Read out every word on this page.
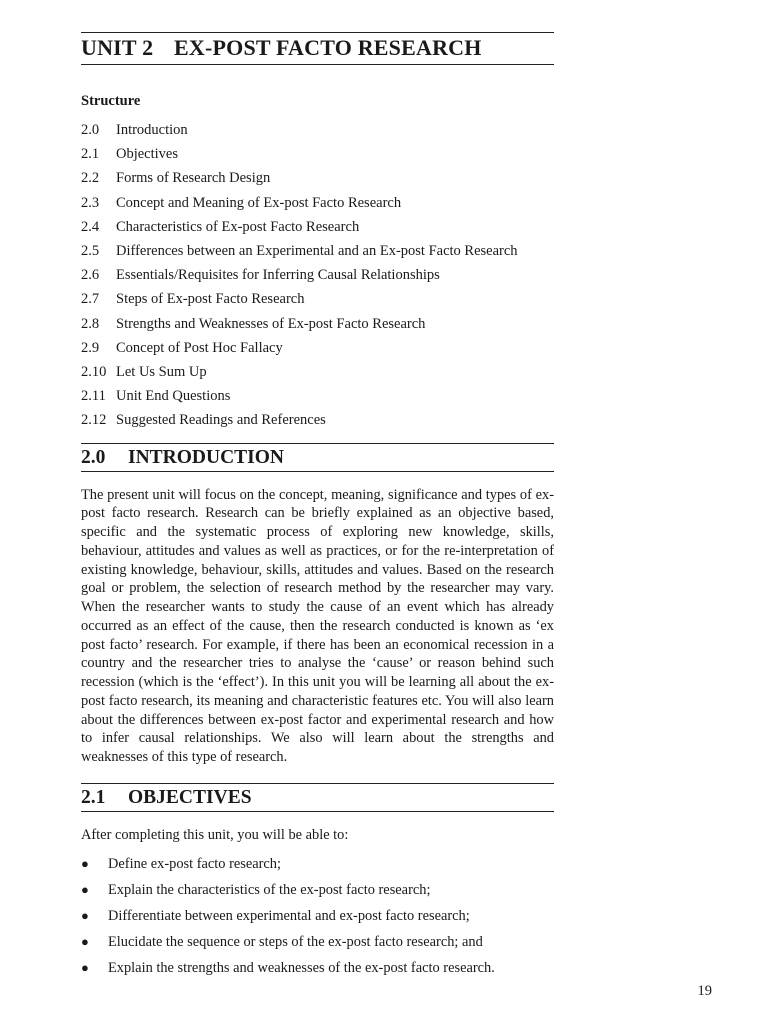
UNIT 2 EX-POST FACTO RESEARCH
Structure
2.0	Introduction
2.1	Objectives
2.2	Forms of Research Design
2.3	Concept and Meaning of Ex-post Facto Research
2.4	Characteristics of Ex-post Facto Research
2.5	Differences between an Experimental and an Ex-post Facto Research
2.6	Essentials/Requisites for Inferring Causal Relationships
2.7	Steps of Ex-post Facto Research
2.8	Strengths and Weaknesses of Ex-post Facto Research
2.9	Concept of Post Hoc Fallacy
2.10 Let Us Sum Up
2.11 Unit End Questions
2.12 Suggested Readings and References
2.0 INTRODUCTION

The present unit will focus on the concept, meaning, significance and types of ex-post facto research. Research can be briefly explained as an objective based, specific and the systematic process of exploring new knowledge, skills, behaviour, attitudes and values as well as practices, or for the re-interpretation of existing knowledge, behaviour, skills, attitudes and values. Based on the research goal or problem, the selection of research method by the researcher may vary. When the researcher wants to study the cause of an event which has already occurred as an effect of the cause, then the research conducted is known as ‘ex post facto’ research. For example, if there has been an economical recession in a country and the researcher tries to analyse the ‘cause’ or reason behind such recession (which is the ‘effect’). In this unit you will be learning all about the ex-post facto research, its meaning and characteristic features etc. You will also learn about the differences between ex-post factor and experimental research and how to infer causal relationships. We also will learn about the strengths and weaknesses of this type of research.

2.1 OBJECTIVES

After completing this unit, you will be able to:

●	Define ex-post facto research;
●	Explain the characteristics of the ex-post facto research;
●	Differentiate between experimental and ex-post facto research;
●	Elucidate the sequence or steps of the ex-post facto research; and
●	Explain the strengths and weaknesses of the ex-post facto research.
19
